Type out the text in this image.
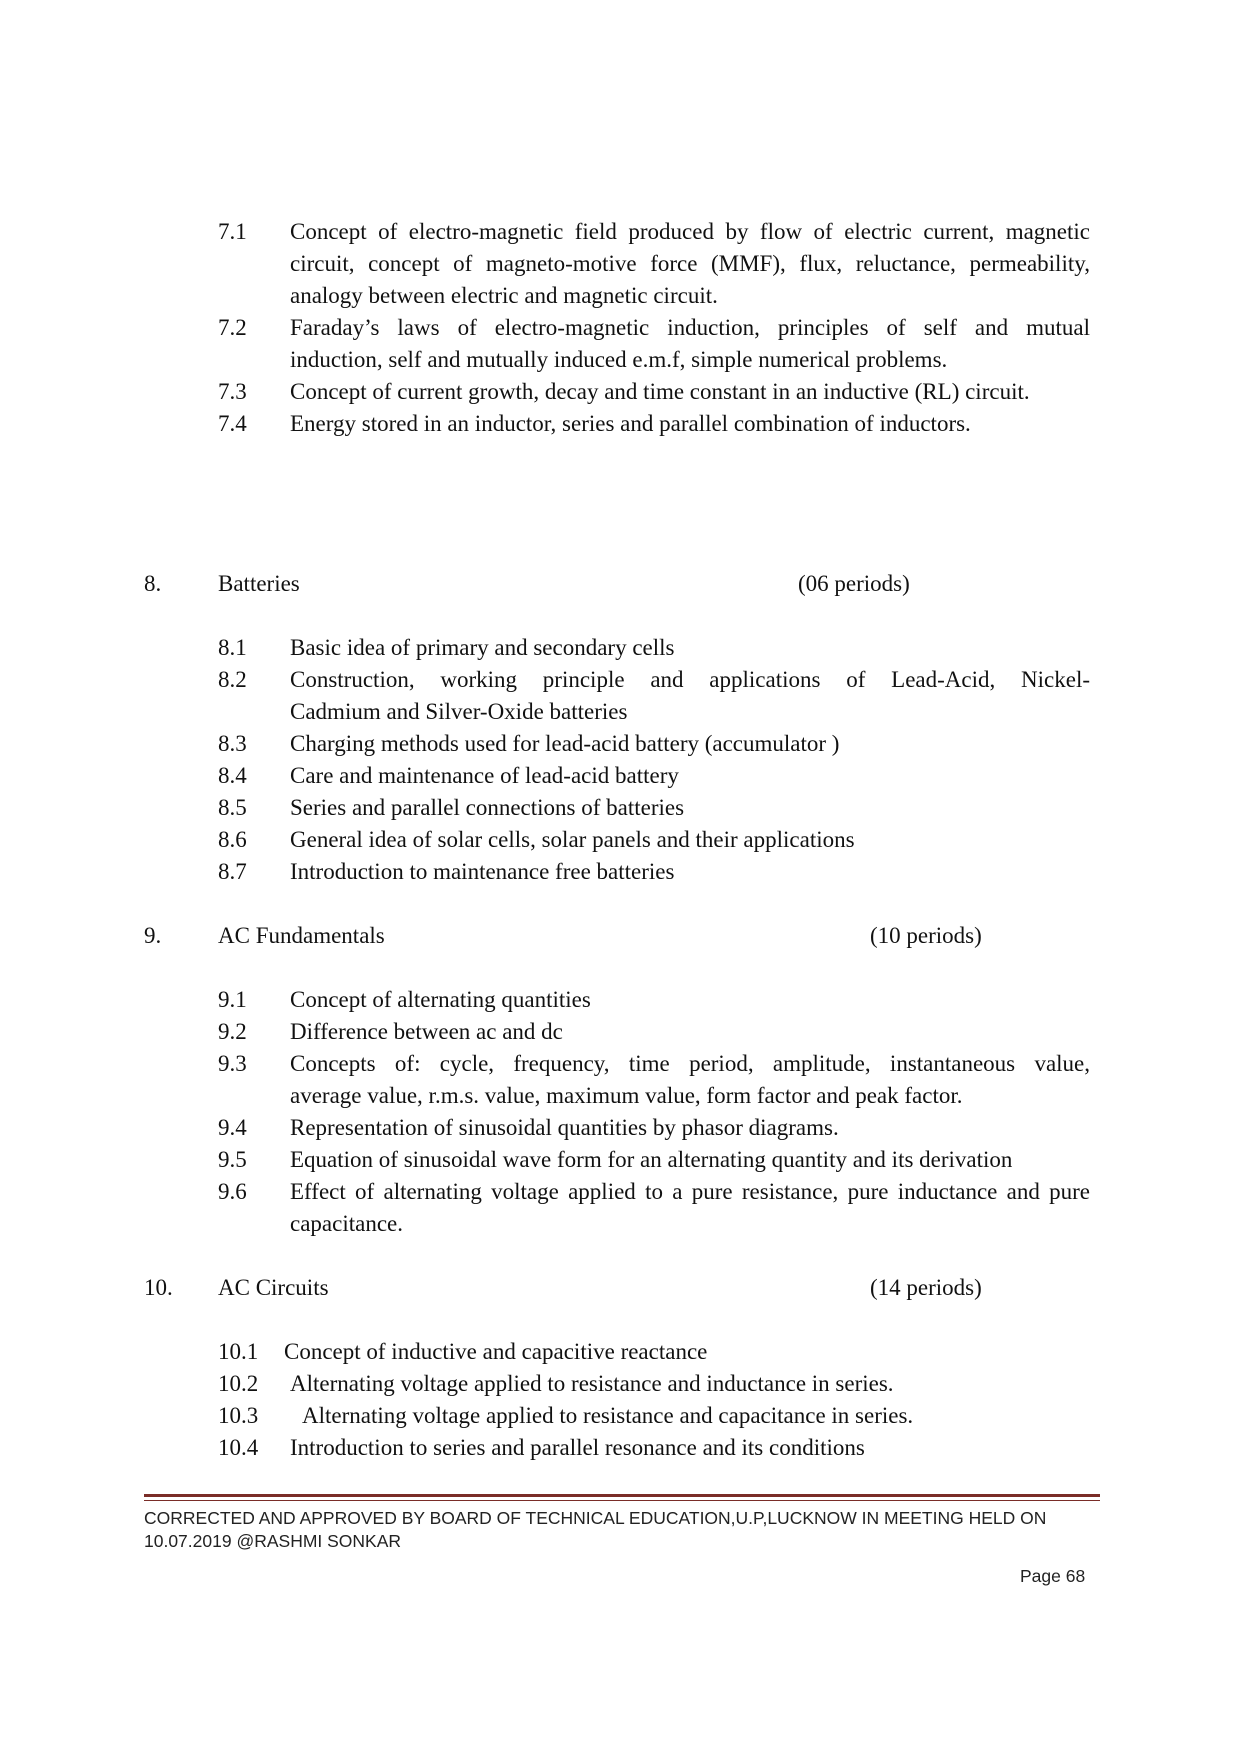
7.1 Concept of electro-magnetic field produced by flow of electric current, magnetic
circuit, concept of magneto-motive force (MMF), flux, reluctance, permeability,
analogy between electric and magnetic circuit.
7.2 Faraday’s laws of electro-magnetic induction, principles of self and mutual
induction, self and mutually induced e.m.f, simple numerical problems.
7.3 Concept of current growth, decay and time constant in an inductive (RL) circuit.
7.4 Energy stored in an inductor, series and parallel combination of inductors.
8. Batteries	(06 periods)
8.1 Basic idea of primary and secondary cells
8.2 Construction, working principle and applications of Lead-Acid, Nickel-
Cadmium and Silver-Oxide batteries
8.3 Charging methods used for lead-acid battery (accumulator )
8.4 Care and maintenance of lead-acid battery
8.5 Series and parallel connections of batteries
8.6 General idea of solar cells, solar panels and their applications
8.7 Introduction to maintenance free batteries
9. AC Fundamentals	(10 periods)
9.1 Concept of alternating quantities
9.2 Difference between ac and dc
9.3 Concepts of: cycle, frequency, time period, amplitude, instantaneous value,
average value, r.m.s. value, maximum value, form factor and peak factor.
9.4 Representation of sinusoidal quantities by phasor diagrams.
9.5 Equation of sinusoidal wave form for an alternating quantity and its derivation
9.6 Effect of alternating voltage applied to a pure resistance, pure inductance and pure
capacitance.
10. AC Circuits	(14 periods)
10.1 Concept of inductive and capacitive reactance
10.2 Alternating voltage applied to resistance and inductance in series.
10.3 Alternating voltage applied to resistance and capacitance in series.
10.4 Introduction to series and parallel resonance and its conditions
CORRECTED AND APPROVED BY BOARD OF TECHNICAL EDUCATION,U.P,LUCKNOW IN MEETING HELD ON
10.07.2019 @RASHMI SONKAR
Page 68
